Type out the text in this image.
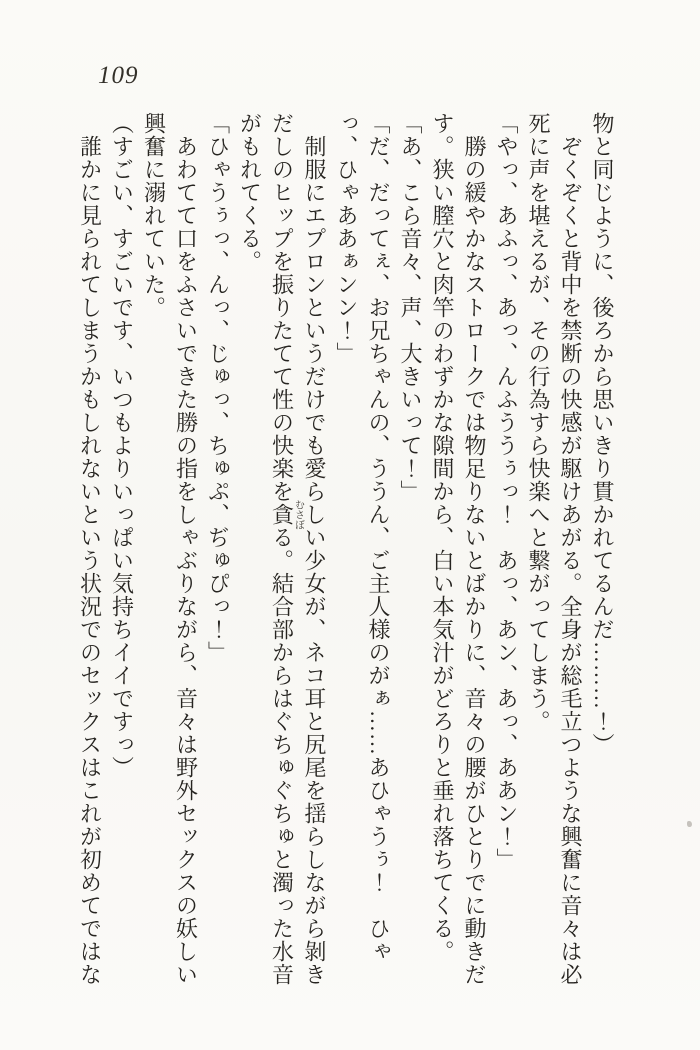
109

物と同じように、後ろから思いきり貫かれてるんだ………！）

ぞくぞくと背中を禁断の快感が駆けあがる。全身が総毛立つような興奮に音々は必死に声を堪えるが、その行為すら快楽へと繋がってしまう。

「やっ、あふっ、あっ、んふううぅっ！　あっ、あン、あっ、ああン！」

勝の緩やかなストロークでは物足りないとばかりに、音々の腰がひとりでに動きだす。狭い膣穴と肉竿のわずかな隙間から、白い本気汁がどろりと垂れ落ちてくる。

「あ、こら音々、声、大きいって！」

「だ、だってぇ、お兄ちゃんの、ううん、ご主人様のがぁ……あひゃうぅ！　ひゃっ、ひゃああぁンン！」

制服にエプロンというだけでも愛らしい少女が、ネコ耳と尻尾を揺らしながら剝きだしのヒップを振りたてて性の快楽を貪むさぼる。結合部からはぐちゅぐちゅと濁った水音がもれてくる。

「ひゃうぅっ、んっ、じゅっ、ちゅぷ、ぢゅぴっ！」

あわてて口をふさいできた勝の指をしゃぶりながら、音々は野外セックスの妖しい興奮に溺れていた。

（すごい、すごいです、いつもよりいっぱい気持ちイイですっ）

誰かに見られてしまうかもしれないという状況でのセックスはこれが初めてではな
